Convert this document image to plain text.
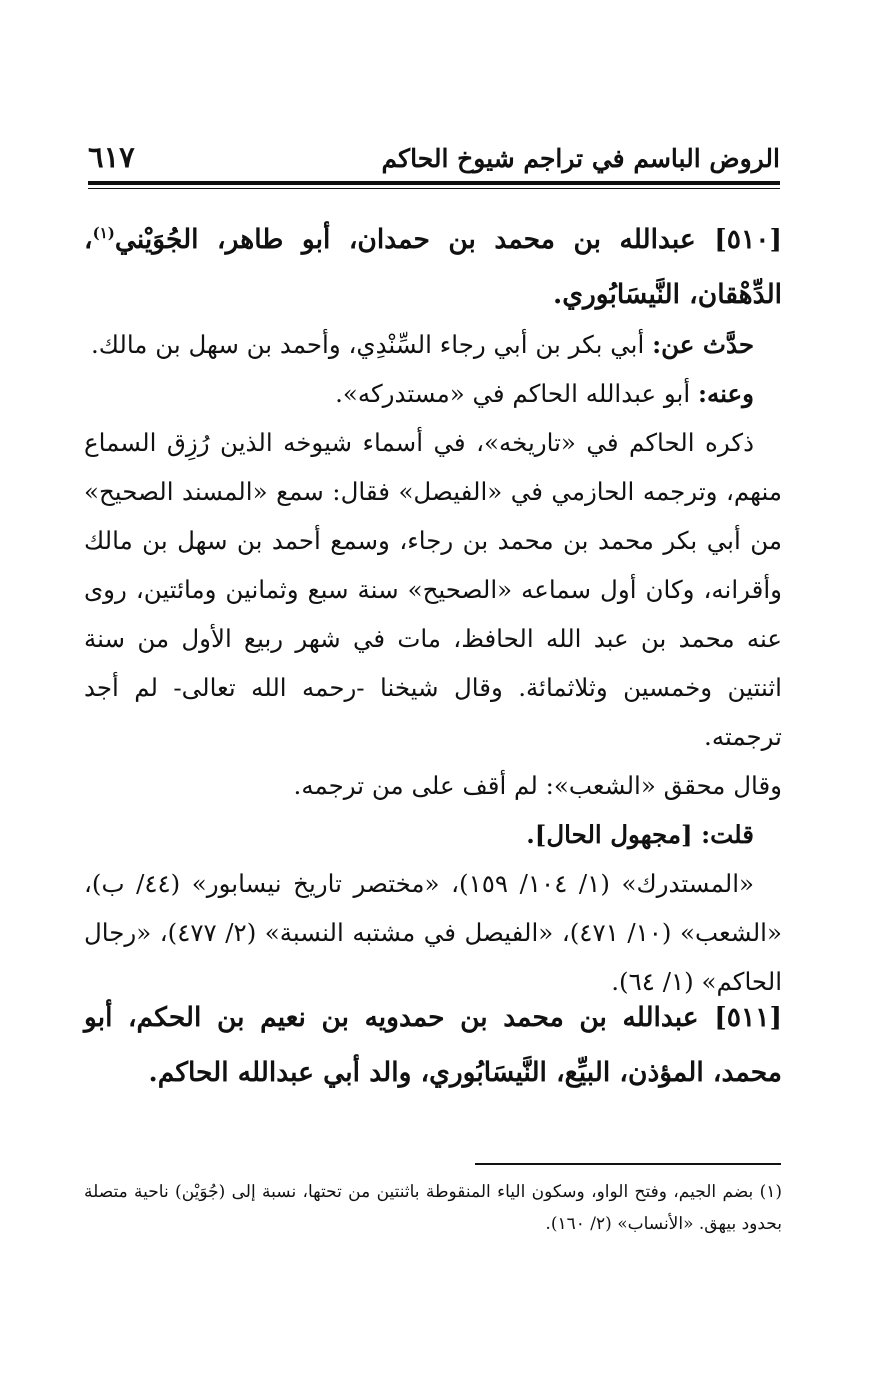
الروض الباسم في تراجم شيوخ الحاكم
٦١٧

[٥١٠] عبدالله بن محمد بن حمدان، أبو طاهر، الجُوَيْني$^{(١)}$، الدِّهْقان، النَّيسَابُوري.

حدَّث عن: أبي بكر بن أبي رجاء السِّنْدِي، وأحمد بن سهل بن مالك.

وعنه: أبو عبدالله الحاكم في «مستدركه».

ذكره الحاكم في «تاريخه»، في أسماء شيوخه الذين رُزِق السماع منهم، وترجمه الحازمي في «الفيصل» فقال: سمع «المسند الصحيح» من أبي بكر محمد بن محمد بن رجاء، وسمع أحمد بن سهل بن مالك وأقرانه، وكان أول سماعه «الصحيح» سنة سبع وثمانين ومائتين، روى عنه محمد بن عبد الله الحافظ، مات في شهر ربيع الأول من سنة اثنتين وخمسين وثلاثمائة. وقال شيخنا -رحمه الله تعالى- لم أجد ترجمته.

وقال محقق «الشعب»: لم أقف على من ترجمه.

قلت: [مجهول الحال].

«المستدرك» (١/ ١٠٤/ ١٥٩)، «مختصر تاريخ نيسابور» (٤٤/ ب)، «الشعب» (١٠/ ٤٧١)، «الفيصل في مشتبه النسبة» (٢/ ٤٧٧)، «رجال الحاكم» (١/ ٦٤).

[٥١١] عبدالله بن محمد بن حمدويه بن نعيم بن الحكم، أبو محمد، المؤذن، البيِّع، النَّيسَابُوري، والد أبي عبدالله الحاكم.

(١) بضم الجيم، وفتح الواو، وسكون الياء المنقوطة باثنتين من تحتها، نسبة إلى (جُوَيْن) ناحية متصلة بحدود بيهق. «الأنساب» (٢/ ١٦٠).
